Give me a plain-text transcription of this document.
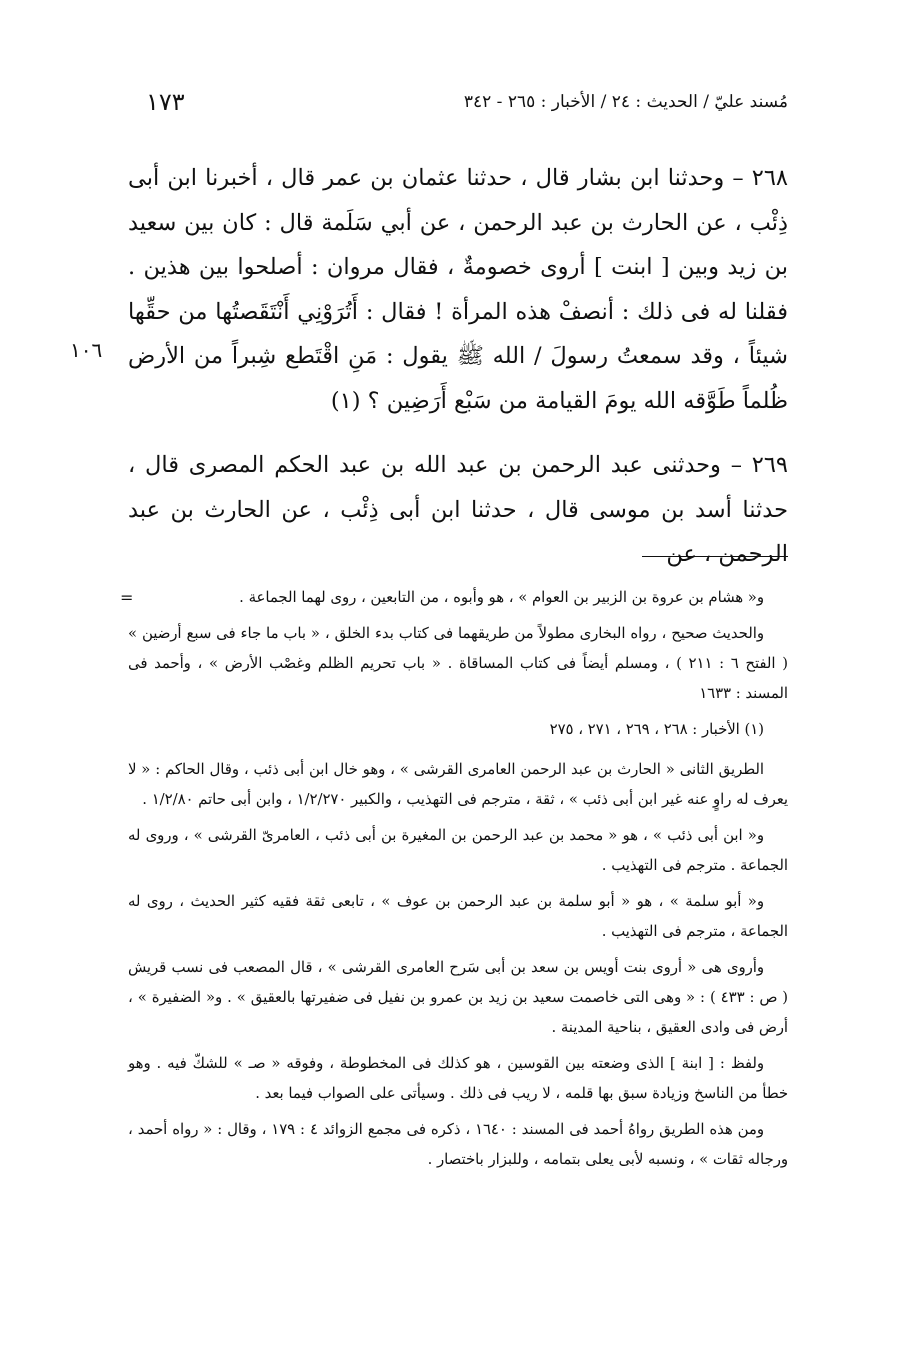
مُسند عليّ / الحديث : ٢٤ / الأخبار : ٢٦٥ - ٣٤٢
١٧٣

٢٦٨ – وحدثنا ابن بشار قال ، حدثنا عثمان بن عمر قال ، أخبرنا ابن أبى ذِئْب ، عن الحارث بن عبد الرحمن ، عن أبي سَلَمة قال : كان بين سعيد بن زيد وبين [ ابنت ] أروى خصومةٌ ، فقال مروان : أصلحوا بين هذين . فقلنا له فى ذلك : أنصفْ هذه المرأة ! فقال : أَتُرَوْنِي أَنْتَقَصتُها من حقِّها شيئاً ، وقد سمعتُ رسولَ / الله ﷺ يقول : مَنِ اقْتَطع شِبراً من الأرض ظُلماً طَوَّقه الله يومَ القيامة من سَبْع أَرَضِين ؟ (١)

٢٦٩ – وحدثنى عبد الرحمن بن عبد الله بن عبد الحكم المصرى قال ، حدثنا أسد بن موسى قال ، حدثنا ابن أبى ذِئْب ، عن الحارث بن عبد الرحمن ، عن

١٠٦

=	و« هشام بن عروة بن الزبير بن العوام » ، هو وأبوه ، من التابعين ، روى لهما الجماعة .

والحديث صحيح ، رواه البخارى مطولاً من طريقهما فى كتاب بدء الخلق ، « باب ما جاء فى سبع أرضين » ( الفتح ٦ : ٢١١ ) ، ومسلم أيضاً فى كتاب المساقاة . « باب تحريم الظلم وغصْب الأرض » ، وأحمد فى المسند : ١٦٣٣

(١) الأخبار : ٢٦٨ ، ٢٦٩ ، ٢٧١ ، ٢٧٥

الطريق الثانى « الحارث بن عبد الرحمن العامرى القرشى » ، وهو خال ابن أبى ذئب ، وقال الحاكم : « لا يعرف له راوٍ عنه غير ابن أبى ذئب » ، ثقة ، مترجم فى التهذيب ، والكبير ١/٢/٢٧٠ ، وابن أبى حاتم ١/٢/٨٠ .

و« ابن أبى ذئب » ، هو « محمد بن عبد الرحمن بن المغيرة بن أبى ذئب ، العامرىّ القرشى » ، وروى له الجماعة . مترجم فى التهذيب .

و« أبو سلمة » ، هو « أبو سلمة بن عبد الرحمن بن عوف » ، تابعى ثقة فقيه كثير الحديث ، روى له الجماعة ، مترجم فى التهذيب .

وأروى هى « أروى بنت أويس بن سعد بن أبى سَرح العامرى القرشى » ، قال المصعب فى نسب قريش ( ص : ٤٣٣ ) : « وهى التى خاصمت سعيد بن زيد بن عمرو بن نفيل فى ضفيرتها بالعقيق » . و« الضفيرة » ، أرض فى وادى العقيق ، بناحية المدينة .

ولفظ : [ ابنة ] الذى وضعته بين القوسين ، هو كذلك فى المخطوطة ، وفوقه « صـ » للشكّ فيه . وهو خطأ من الناسخ وزيادة سبق بها قلمه ، لا ريب فى ذلك . وسيأتى على الصواب فيما بعد .

ومن هذه الطريق رواهُ أحمد فى المسند : ١٦٤٠ ، ذكره فى مجمع الزوائد ٤ : ١٧٩ ، وقال : « رواه أحمد ، ورجاله ثقات » ، ونسبه لأبى يعلى بتمامه ، وللبزار باختصار .
